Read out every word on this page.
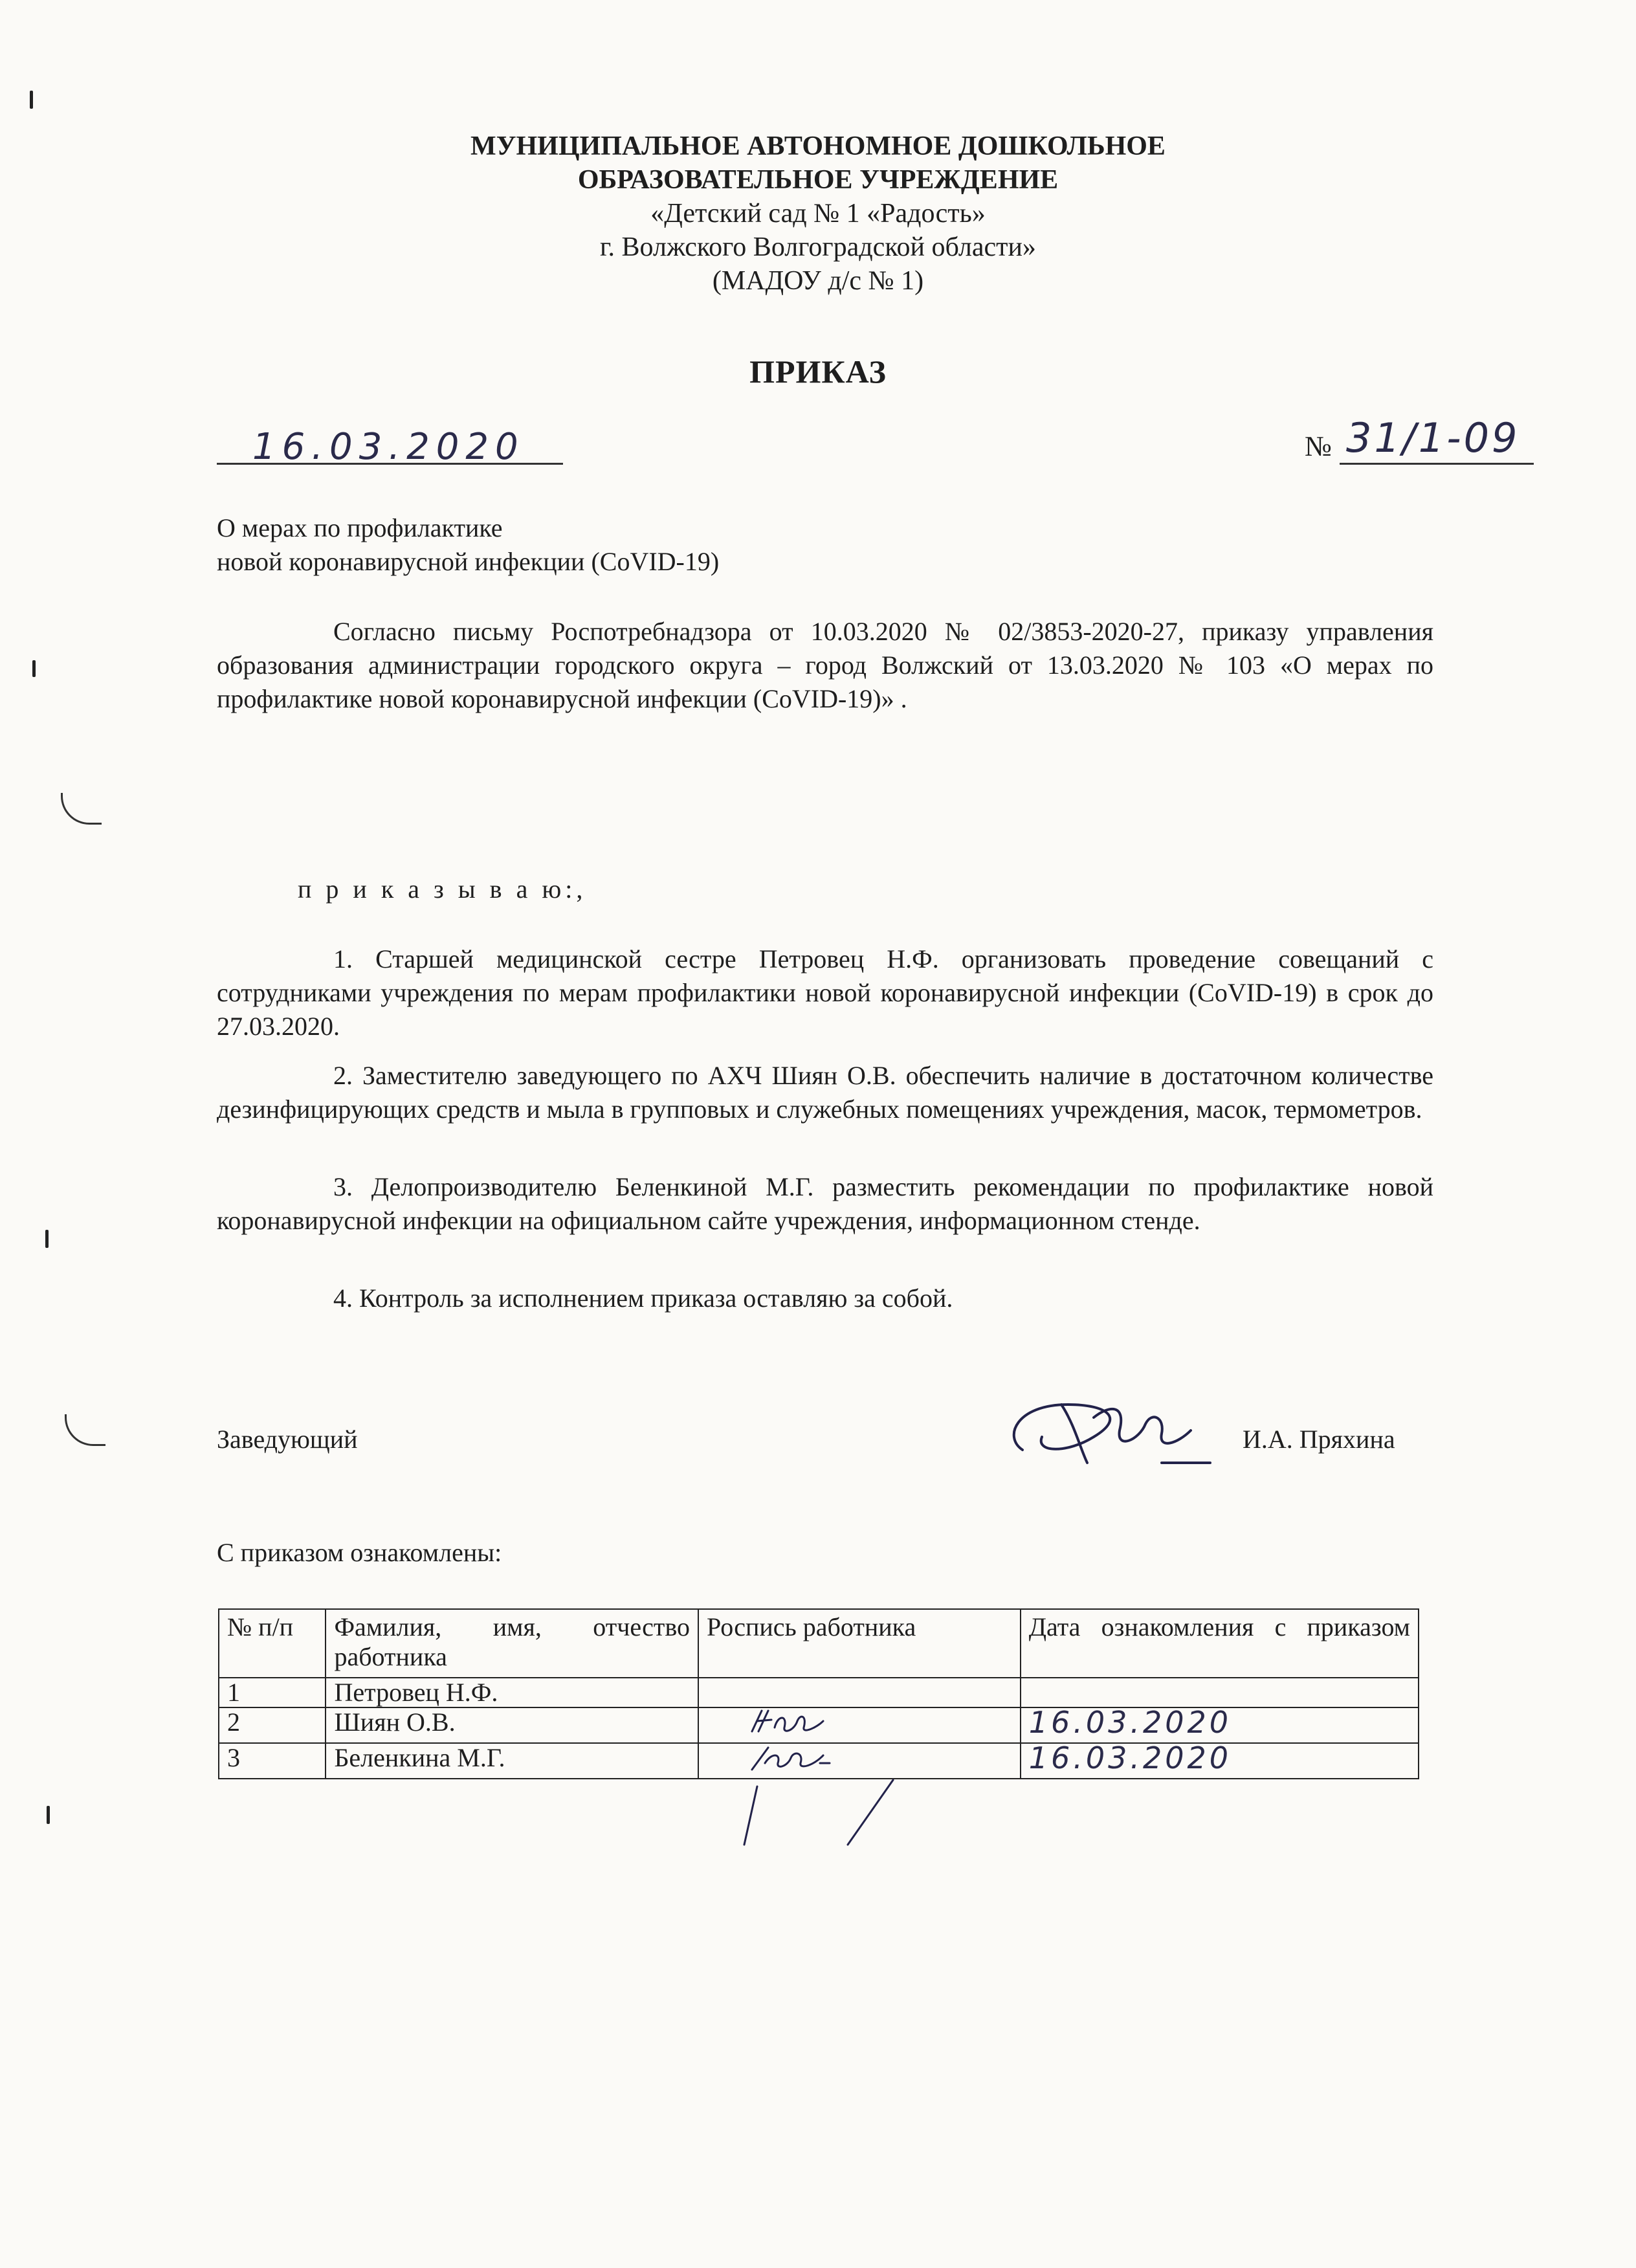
МУНИЦИПАЛЬНОЕ АВТОНОМНОЕ ДОШКОЛЬНОЕ
ОБРАЗОВАТЕЛЬНОЕ УЧРЕЖДЕНИЕ
«Детский сад № 1 «Радость»
г. Волжского Волгоградской области»
(МАДОУ д/с № 1)
ПРИКАЗ
16.03.2020	№ 31/1-09
О мерах по профилактике
новой коронавирусной инфекции (CoVID-19)
Согласно письму Роспотребнадзора от 10.03.2020 № 02/3853-2020-27, приказу управления образования администрации городского округа – город Волжский от 13.03.2020 № 103 «О мерах по профилактике новой коронавирусной инфекции (CoVID-19)» .
п р и к а з ы в а ю:,
1. Старшей медицинской сестре Петровец Н.Ф. организовать проведение совещаний с сотрудниками учреждения по мерам профилактики новой коронавирусной инфекции (CoVID-19) в срок до 27.03.2020.
2. Заместителю заведующего по АХЧ Шиян О.В. обеспечить наличие в достаточном количестве дезинфицирующих средств и мыла в групповых и служебных помещениях учреждения, масок, термометров.
3. Делопроизводителю Беленкиной М.Г. разместить рекомендации по профилактике новой коронавирусной инфекции на официальном сайте учреждения, информационном стенде.
4. Контроль за исполнением приказа оставляю за собой.
Заведующий	И.А. Пряхина
С приказом ознакомлены:
№ п/п	Фамилия, имя, отчество работника	Роспись работника	Дата ознакомления с приказом
1	Петровец Н.Ф.		
2	Шиян О.В.		16.03.2020
3	Беленкина М.Г.		16.03.2020
